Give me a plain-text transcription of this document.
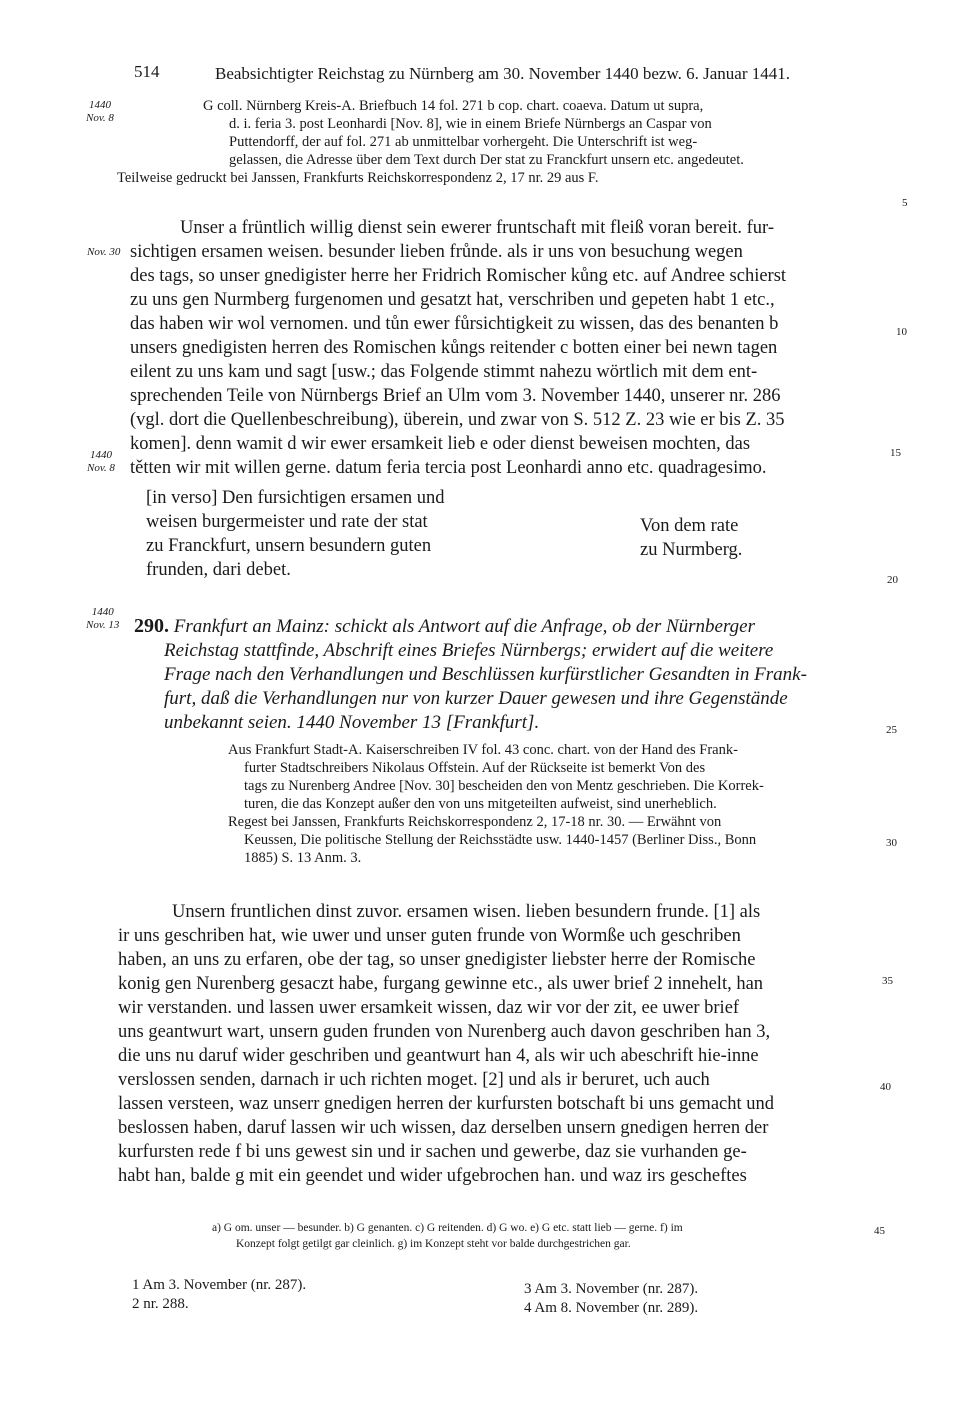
514	Beabsichtigter Reichstag zu Nürnberg am 30. November 1440 bezw. 6. Januar 1441.
1440
Nov. 8
Nov. 30
1440
Nov. 8
1440
Nov. 13
5
10
15
20
25
30
35
40
45
G coll. Nürnberg Kreis-A. Briefbuch 14 fol. 271 b cop. chart. coaeva. Datum ut supra,
d. i. feria 3. post Leonhardi [Nov. 8], wie in einem Briefe Nürnbergs an Caspar von
Puttendorff, der auf fol. 271 ab unmittelbar vorhergeht. Die Unterschrift ist weg-
gelassen, die Adresse über dem Text durch Der stat zu Franckfurt unsern etc. angedeutet.
Teilweise gedruckt bei Janssen, Frankfurts Reichskorrespondenz 2, 17 nr. 29 aus F.
Unser a früntlich willig dienst sein ewerer fruntschaft mit fleiß voran bereit. fur-
sichtigen ersamen weisen. besunder lieben frůnde. als ir uns von besuchung wegen
des tags, so unser gnedigister herre her Fridrich Romischer kůng etc. auf Andree schierst
zu uns gen Nurmberg furgenomen und gesatzt hat, verschriben und gepeten habt 1 etc.,
das haben wir wol vernomen. und tůn ewer fůrsichtigkeit zu wissen, das des benanten b
unsers gnedigisten herren des Romischen kůngs reitender c botten einer bei newn tagen
eilent zu uns kam und sagt [usw.; das Folgende stimmt nahezu wörtlich mit dem ent-
sprechenden Teile von Nürnbergs Brief an Ulm vom 3. November 1440, unserer nr. 286
(vgl. dort die Quellenbeschreibung), überein, und zwar von S. 512 Z. 23 wie er bis Z. 35
komen]. denn wamit d wir ewer ersamkeit lieb e oder dienst beweisen mochten, das
tětten wir mit willen gerne. datum feria tercia post Leonhardi anno etc. quadragesimo.
[in verso] Den fursichtigen ersamen und
weisen burgermeister und rate der stat
zu Franckfurt, unsern besundern guten
frunden, dari debet.
Von dem rate
zu Nurmberg.
290. Frankfurt an Mainz: schickt als Antwort auf die Anfrage, ob der Nürnberger
Reichstag stattfinde, Abschrift eines Briefes Nürnbergs; erwidert auf die weitere
Frage nach den Verhandlungen und Beschlüssen kurfürstlicher Gesandten in Frank-
furt, daß die Verhandlungen nur von kurzer Dauer gewesen und ihre Gegenstände
unbekannt seien. 1440 November 13 [Frankfurt].
Aus Frankfurt Stadt-A. Kaiserschreiben IV fol. 43 conc. chart. von der Hand des Frank-
furter Stadtschreibers Nikolaus Offstein. Auf der Rückseite ist bemerkt Von des
tags zu Nurenberg Andree [Nov. 30] bescheiden den von Mentz geschrieben. Die Korrek-
turen, die das Konzept außer den von uns mitgeteilten aufweist, sind unerheblich.
Regest bei Janssen, Frankfurts Reichskorrespondenz 2, 17-18 nr. 30. — Erwähnt von
Keussen, Die politische Stellung der Reichsstädte usw. 1440-1457 (Berliner Diss., Bonn
1885) S. 13 Anm. 3.
Unsern fruntlichen dinst zuvor. ersamen wisen. lieben besundern frunde. [1] als
ir uns geschriben hat, wie uwer und unser guten frunde von Wormße uch geschriben
haben, an uns zu erfaren, obe der tag, so unser gnedigister liebster herre der Romische
konig gen Nurenberg gesaczt habe, furgang gewinne etc., als uwer brief 2 innehelt, han
wir verstanden. und lassen uwer ersamkeit wissen, daz wir vor der zit, ee uwer brief
uns geantwurt wart, unsern guden frunden von Nurenberg auch davon geschriben han 3,
die uns nu daruf wider geschriben und geantwurt han 4, als wir uch abeschrift hie-inne
verslossen senden, darnach ir uch richten moget. [2] und als ir beruret, uch auch
lassen versteen, waz unserr gnedigen herren der kurfursten botschaft bi uns gemacht und
beslossen haben, daruf lassen wir uch wissen, daz derselben unsern gnedigen herren der
kurfursten rede f bi uns gewest sin und ir sachen und gewerbe, daz sie vurhanden ge-
habt han, balde g mit ein geendet und wider ufgebrochen han. und waz irs gescheftes
a) G om. unser — besunder. b) G genanten. c) G reitenden. d) G wo. e) G etc. statt lieb — gerne. f) im
Konzept folgt getilgt gar cleinlich. g) im Konzept steht vor balde durchgestrichen gar.
1 Am 3. November (nr. 287).
2 nr. 288.
3 Am 3. November (nr. 287).
4 Am 8. November (nr. 289).
